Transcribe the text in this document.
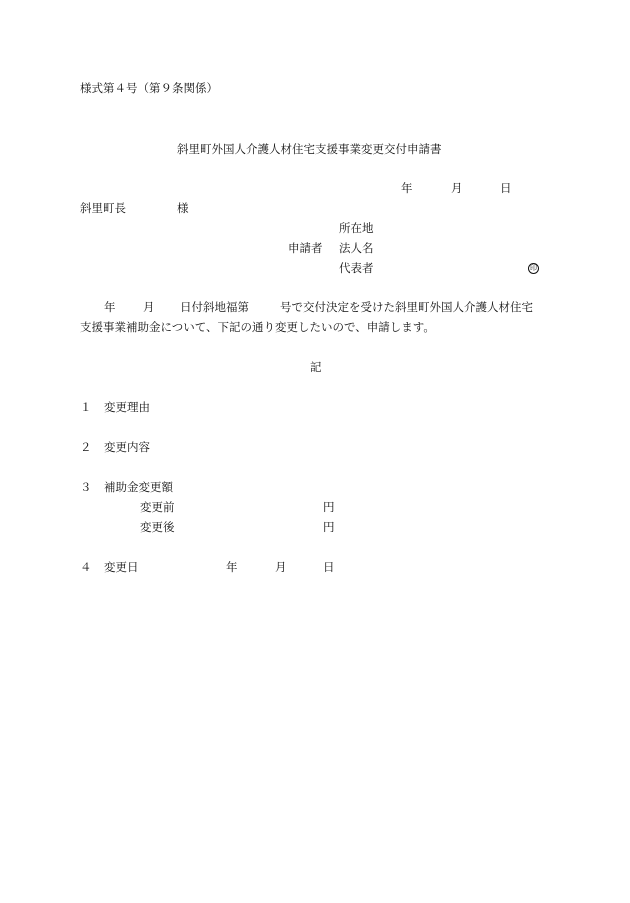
様式第４号（第９条関係）
斜里町外国人介護人材住宅支援事業変更交付申請書
年	月	日
斜里町長	様
所在地
申請者 法人名
代表者	印
年 月 日付斜地福第	号で交付決定を受けた斜里町外国人介護人材住宅
支援事業補助金について、下記の通り変更したいので、申請します。
記
１ 変更理由
２ 変更内容
３ 補助金変更額
変更前	円
変更後	円
４ 変更日	年	月	日
